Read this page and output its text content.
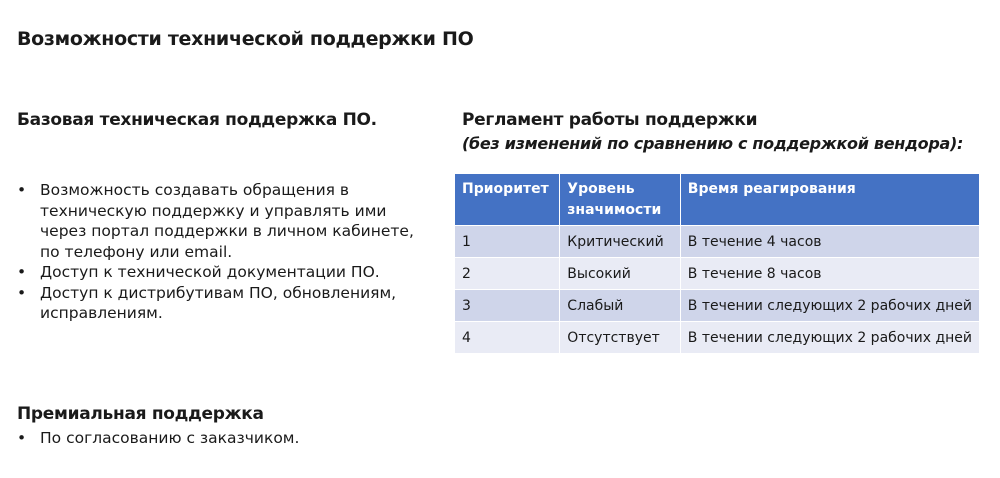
Возможности технической поддержки ПО
Базовая техническая поддержка ПО.
• Возможность создавать обращения в техническую поддержку и управлять ими через портал поддержки в личном кабинете, по телефону или email.
• Доступ к технической документации ПО.
• Доступ к дистрибутивам ПО, обновлениям, исправлениям.
Премиальная поддержка
• По согласованию с заказчиком.
Регламент работы поддержки
(без изменений по сравнению с поддержкой вендора):
Приоритет	Уровень значимости	Время реагирования
1	Критический	В течение 4 часов
2	Высокий	В течение 8 часов
3	Слабый	В течении следующих 2 рабочих дней
4	Отсутствует	В течении следующих 2 рабочих дней
